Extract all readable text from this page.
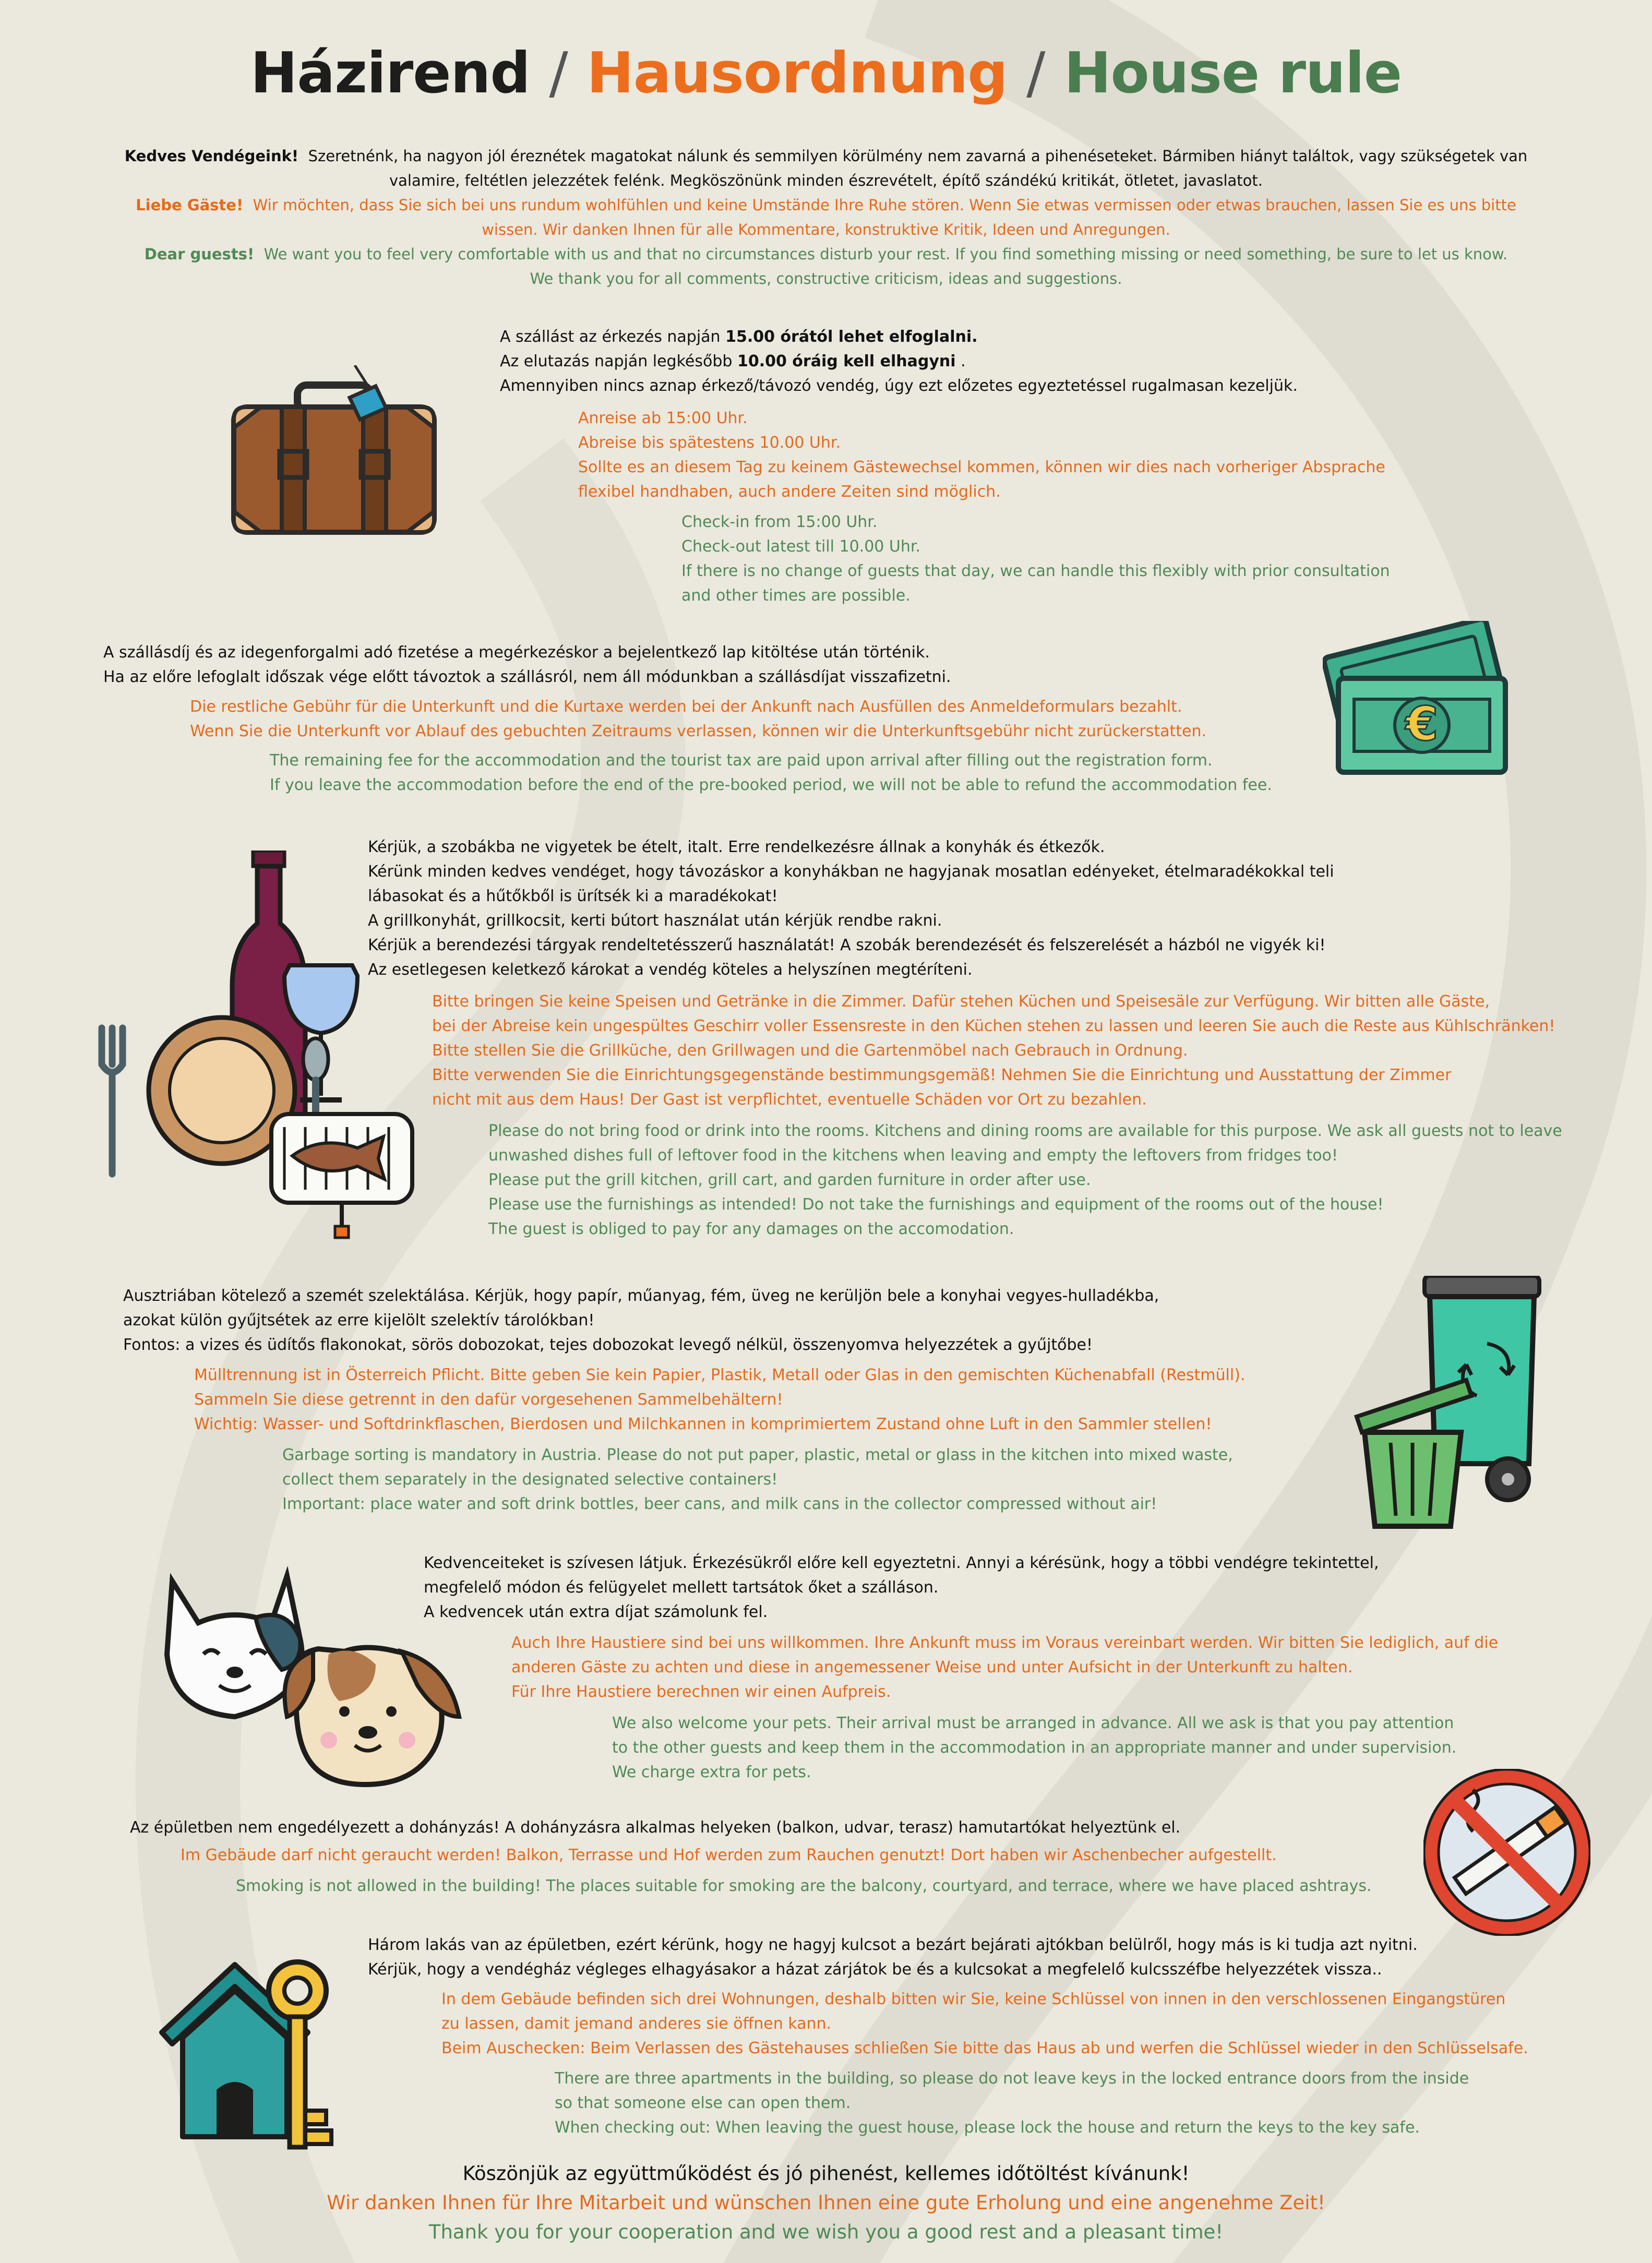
Házirend / Hausordnung / House rule

Kedves Vendégeink! Szeretnénk, ha nagyon jól éreznétek magatokat nálunk és semmilyen körülmény nem zavarná a pihenéseteket. Bármiben hiányt találtok, vagy szükségetek van

valamire, feltétlen jelezzétek felénk. Megköszönünk minden észrevételt, építő szándékú kritikát, ötletet, javaslatot.

Liebe Gäste! Wir möchten, dass Sie sich bei uns rundum wohlfühlen und keine Umstände Ihre Ruhe stören. Wenn Sie etwas vermissen oder etwas brauchen, lassen Sie es uns bitte

wissen. Wir danken Ihnen für alle Kommentare, konstruktive Kritik, Ideen und Anregungen.

Dear guests! We want you to feel very comfortable with us and that no circumstances disturb your rest. If you find something missing or need something, be sure to let us know.

We thank you for all comments, constructive criticism, ideas and suggestions.

A szállást az érkezés napján 15.00 órától lehet elfoglalni.

Az elutazás napján legkésőbb 10.00 óráig kell elhagyni .

Amennyiben nincs aznap érkező/távozó vendég, úgy ezt előzetes egyeztetéssel rugalmasan kezeljük.

Anreise ab 15:00 Uhr.

Abreise bis spätestens 10.00 Uhr.

Sollte es an diesem Tag zu keinem Gästewechsel kommen, können wir dies nach vorheriger Absprache

flexibel handhaben, auch andere Zeiten sind möglich.

Check-in from 15:00 Uhr.

Check-out latest till 10.00 Uhr.

If there is no change of guests that day, we can handle this flexibly with prior consultation

and other times are possible.

€

A szállásdíj és az idegenforgalmi adó fizetése a megérkezéskor a bejelentkező lap kitöltése után történik.

Ha az előre lefoglalt időszak vége előtt távoztok a szállásról, nem áll módunkban a szállásdíjat visszafizetni.

Die restliche Gebühr für die Unterkunft und die Kurtaxe werden bei der Ankunft nach Ausfüllen des Anmeldeformulars bezahlt.

Wenn Sie die Unterkunft vor Ablauf des gebuchten Zeitraums verlassen, können wir die Unterkunftsgebühr nicht zurückerstatten.

The remaining fee for the accommodation and the tourist tax are paid upon arrival after filling out the registration form.

If you leave the accommodation before the end of the pre-booked period, we will not be able to refund the accommodation fee.

Kérjük, a szobákba ne vigyetek be ételt, italt. Erre rendelkezésre állnak a konyhák és étkezők.

Kérünk minden kedves vendéget, hogy távozáskor a konyhákban ne hagyjanak mosatlan edényeket, ételmaradékokkal teli

lábasokat és a hűtőkből is ürítsék ki a maradékokat!

A grillkonyhát, grillkocsit, kerti bútort használat után kérjük rendbe rakni.

Kérjük a berendezési tárgyak rendeltetésszerű használatát! A szobák berendezését és felszerelését a házból ne vigyék ki!

Az esetlegesen keletkező károkat a vendég köteles a helyszínen megtéríteni.

Bitte bringen Sie keine Speisen und Getränke in die Zimmer. Dafür stehen Küchen und Speisesäle zur Verfügung. Wir bitten alle Gäste,

bei der Abreise kein ungespültes Geschirr voller Essensreste in den Küchen stehen zu lassen und leeren Sie auch die Reste aus Kühlschränken!

Bitte stellen Sie die Grillküche, den Grillwagen und die Gartenmöbel nach Gebrauch in Ordnung.

Bitte verwenden Sie die Einrichtungsgegenstände bestimmungsgemäß! Nehmen Sie die Einrichtung und Ausstattung der Zimmer

nicht mit aus dem Haus! Der Gast ist verpflichtet, eventuelle Schäden vor Ort zu bezahlen.

Please do not bring food or drink into the rooms. Kitchens and dining rooms are available for this purpose. We ask all guests not to leave

unwashed dishes full of leftover food in the kitchens when leaving and empty the leftovers from fridges too!

Please put the grill kitchen, grill cart, and garden furniture in order after use.

Please use the furnishings as intended! Do not take the furnishings and equipment of the rooms out of the house!

The guest is obliged to pay for any damages on the accomodation.

Ausztriában kötelező a szemét szelektálása. Kérjük, hogy papír, műanyag, fém, üveg ne kerüljön bele a konyhai vegyes-hulladékba,

azokat külön gyűjtsétek az erre kijelölt szelektív tárolókban!

Fontos: a vizes és üdítős flakonokat, sörös dobozokat, tejes dobozokat levegő nélkül, összenyomva helyezzétek a gyűjtőbe!

Mülltrennung ist in Österreich Pflicht. Bitte geben Sie kein Papier, Plastik, Metall oder Glas in den gemischten Küchenabfall (Restmüll).

Sammeln Sie diese getrennt in den dafür vorgesehenen Sammelbehältern!

Wichtig: Wasser- und Softdrinkflaschen, Bierdosen und Milchkannen in komprimiertem Zustand ohne Luft in den Sammler stellen!

Garbage sorting is mandatory in Austria. Please do not put paper, plastic, metal or glass in the kitchen into mixed waste,

collect them separately in the designated selective containers!

Important: place water and soft drink bottles, beer cans, and milk cans in the collector compressed without air!

Kedvenceiteket is szívesen látjuk. Érkezésükről előre kell egyeztetni. Annyi a kérésünk, hogy a többi vendégre tekintettel,

megfelelő módon és felügyelet mellett tartsátok őket a szálláson.

A kedvencek után extra díjat számolunk fel.

Auch Ihre Haustiere sind bei uns willkommen. Ihre Ankunft muss im Voraus vereinbart werden. Wir bitten Sie lediglich, auf die

anderen Gäste zu achten und diese in angemessener Weise und unter Aufsicht in der Unterkunft zu halten.

Für Ihre Haustiere berechnen wir einen Aufpreis.

We also welcome your pets. Their arrival must be arranged in advance. All we ask is that you pay attention

to the other guests and keep them in the accommodation in an appropriate manner and under supervision.

We charge extra for pets.

Az épületben nem engedélyezett a dohányzás! A dohányzásra alkalmas helyeken (balkon, udvar, terasz) hamutartókat helyeztünk el.

Im Gebäude darf nicht geraucht werden! Balkon, Terrasse und Hof werden zum Rauchen genutzt! Dort haben wir Aschenbecher aufgestellt.

Smoking is not allowed in the building! The places suitable for smoking are the balcony, courtyard, and terrace, where we have placed ashtrays.

Három lakás van az épületben, ezért kérünk, hogy ne hagyj kulcsot a bezárt bejárati ajtókban belülről, hogy más is ki tudja azt nyitni.

Kérjük, hogy a vendégház végleges elhagyásakor a házat zárjátok be és a kulcsokat a megfelelő kulcsszéfbe helyezzétek vissza..

In dem Gebäude befinden sich drei Wohnungen, deshalb bitten wir Sie, keine Schlüssel von innen in den verschlossenen Eingangstüren

zu lassen, damit jemand anderes sie öffnen kann.

Beim Auschecken: Beim Verlassen des Gästehauses schließen Sie bitte das Haus ab und werfen die Schlüssel wieder in den Schlüsselsafe.

There are three apartments in the building, so please do not leave keys in the locked entrance doors from the inside

so that someone else can open them.

When checking out: When leaving the guest house, please lock the house and return the keys to the key safe.

Köszönjük az együttműködést és jó pihenést, kellemes időtöltést kívánunk!

Wir danken Ihnen für Ihre Mitarbeit und wünschen Ihnen eine gute Erholung und eine angenehme Zeit!

Thank you for your cooperation and we wish you a good rest and a pleasant time!
